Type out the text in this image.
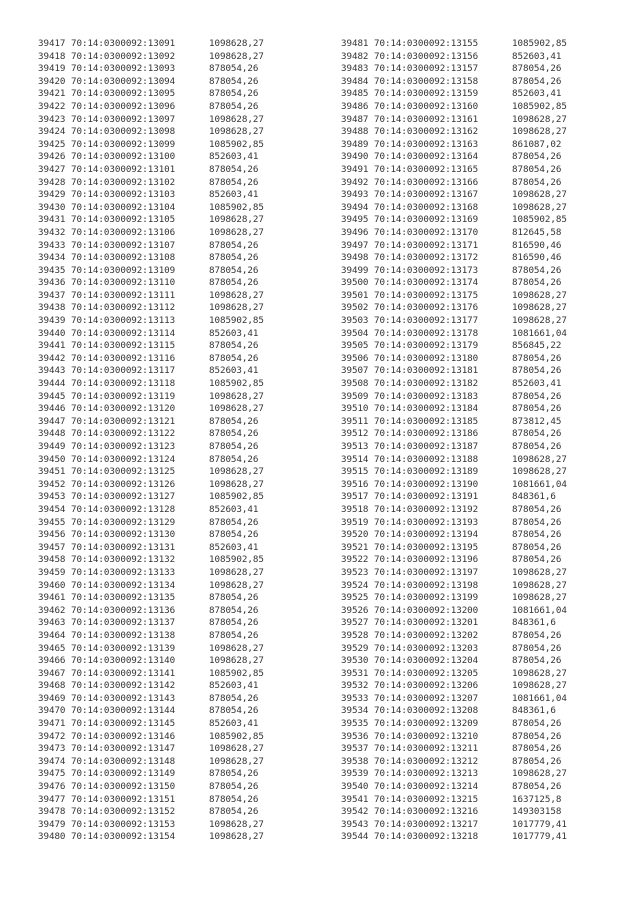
39417 70:14:0300092:13091	1098628,27
39418 70:14:0300092:13092	1098628,27
39419 70:14:0300092:13093	878054,26
39420 70:14:0300092:13094	878054,26
39421 70:14:0300092:13095	878054,26
39422 70:14:0300092:13096	878054,26
39423 70:14:0300092:13097	1098628,27
39424 70:14:0300092:13098	1098628,27
39425 70:14:0300092:13099	1085902,85
39426 70:14:0300092:13100	852603,41
39427 70:14:0300092:13101	878054,26
39428 70:14:0300092:13102	878054,26
39429 70:14:0300092:13103	852603,41
39430 70:14:0300092:13104	1085902,85
39431 70:14:0300092:13105	1098628,27
39432 70:14:0300092:13106	1098628,27
39433 70:14:0300092:13107	878054,26
39434 70:14:0300092:13108	878054,26
39435 70:14:0300092:13109	878054,26
39436 70:14:0300092:13110	878054,26
39437 70:14:0300092:13111	1098628,27
39438 70:14:0300092:13112	1098628,27
39439 70:14:0300092:13113	1085902,85
39440 70:14:0300092:13114	852603,41
39441 70:14:0300092:13115	878054,26
39442 70:14:0300092:13116	878054,26
39443 70:14:0300092:13117	852603,41
39444 70:14:0300092:13118	1085902,85
39445 70:14:0300092:13119	1098628,27
39446 70:14:0300092:13120	1098628,27
39447 70:14:0300092:13121	878054,26
39448 70:14:0300092:13122	878054,26
39449 70:14:0300092:13123	878054,26
39450 70:14:0300092:13124	878054,26
39451 70:14:0300092:13125	1098628,27
39452 70:14:0300092:13126	1098628,27
39453 70:14:0300092:13127	1085902,85
39454 70:14:0300092:13128	852603,41
39455 70:14:0300092:13129	878054,26
39456 70:14:0300092:13130	878054,26
39457 70:14:0300092:13131	852603,41
39458 70:14:0300092:13132	1085902,85
39459 70:14:0300092:13133	1098628,27
39460 70:14:0300092:13134	1098628,27
39461 70:14:0300092:13135	878054,26
39462 70:14:0300092:13136	878054,26
39463 70:14:0300092:13137	878054,26
39464 70:14:0300092:13138	878054,26
39465 70:14:0300092:13139	1098628,27
39466 70:14:0300092:13140	1098628,27
39467 70:14:0300092:13141	1085902,85
39468 70:14:0300092:13142	852603,41
39469 70:14:0300092:13143	878054,26
39470 70:14:0300092:13144	878054,26
39471 70:14:0300092:13145	852603,41
39472 70:14:0300092:13146	1085902,85
39473 70:14:0300092:13147	1098628,27
39474 70:14:0300092:13148	1098628,27
39475 70:14:0300092:13149	878054,26
39476 70:14:0300092:13150	878054,26
39477 70:14:0300092:13151	878054,26
39478 70:14:0300092:13152	878054,26
39479 70:14:0300092:13153	1098628,27
39480 70:14:0300092:13154	1098628,27
39481 70:14:0300092:13155	1085902,85
39482 70:14:0300092:13156	852603,41
39483 70:14:0300092:13157	878054,26
39484 70:14:0300092:13158	878054,26
39485 70:14:0300092:13159	852603,41
39486 70:14:0300092:13160	1085902,85
39487 70:14:0300092:13161	1098628,27
39488 70:14:0300092:13162	1098628,27
39489 70:14:0300092:13163	861087,02
39490 70:14:0300092:13164	878054,26
39491 70:14:0300092:13165	878054,26
39492 70:14:0300092:13166	878054,26
39493 70:14:0300092:13167	1098628,27
39494 70:14:0300092:13168	1098628,27
39495 70:14:0300092:13169	1085902,85
39496 70:14:0300092:13170	812645,58
39497 70:14:0300092:13171	816590,46
39498 70:14:0300092:13172	816590,46
39499 70:14:0300092:13173	878054,26
39500 70:14:0300092:13174	878054,26
39501 70:14:0300092:13175	1098628,27
39502 70:14:0300092:13176	1098628,27
39503 70:14:0300092:13177	1098628,27
39504 70:14:0300092:13178	1081661,04
39505 70:14:0300092:13179	856845,22
39506 70:14:0300092:13180	878054,26
39507 70:14:0300092:13181	878054,26
39508 70:14:0300092:13182	852603,41
39509 70:14:0300092:13183	878054,26
39510 70:14:0300092:13184	878054,26
39511 70:14:0300092:13185	873812,45
39512 70:14:0300092:13186	878054,26
39513 70:14:0300092:13187	878054,26
39514 70:14:0300092:13188	1098628,27
39515 70:14:0300092:13189	1098628,27
39516 70:14:0300092:13190	1081661,04
39517 70:14:0300092:13191	848361,6
39518 70:14:0300092:13192	878054,26
39519 70:14:0300092:13193	878054,26
39520 70:14:0300092:13194	878054,26
39521 70:14:0300092:13195	878054,26
39522 70:14:0300092:13196	878054,26
39523 70:14:0300092:13197	1098628,27
39524 70:14:0300092:13198	1098628,27
39525 70:14:0300092:13199	1098628,27
39526 70:14:0300092:13200	1081661,04
39527 70:14:0300092:13201	848361,6
39528 70:14:0300092:13202	878054,26
39529 70:14:0300092:13203	878054,26
39530 70:14:0300092:13204	878054,26
39531 70:14:0300092:13205	1098628,27
39532 70:14:0300092:13206	1098628,27
39533 70:14:0300092:13207	1081661,04
39534 70:14:0300092:13208	848361,6
39535 70:14:0300092:13209	878054,26
39536 70:14:0300092:13210	878054,26
39537 70:14:0300092:13211	878054,26
39538 70:14:0300092:13212	878054,26
39539 70:14:0300092:13213	1098628,27
39540 70:14:0300092:13214	878054,26
39541 70:14:0300092:13215	1637125,8
39542 70:14:0300092:13216	149303158
39543 70:14:0300092:13217	1017779,41
39544 70:14:0300092:13218	1017779,41
